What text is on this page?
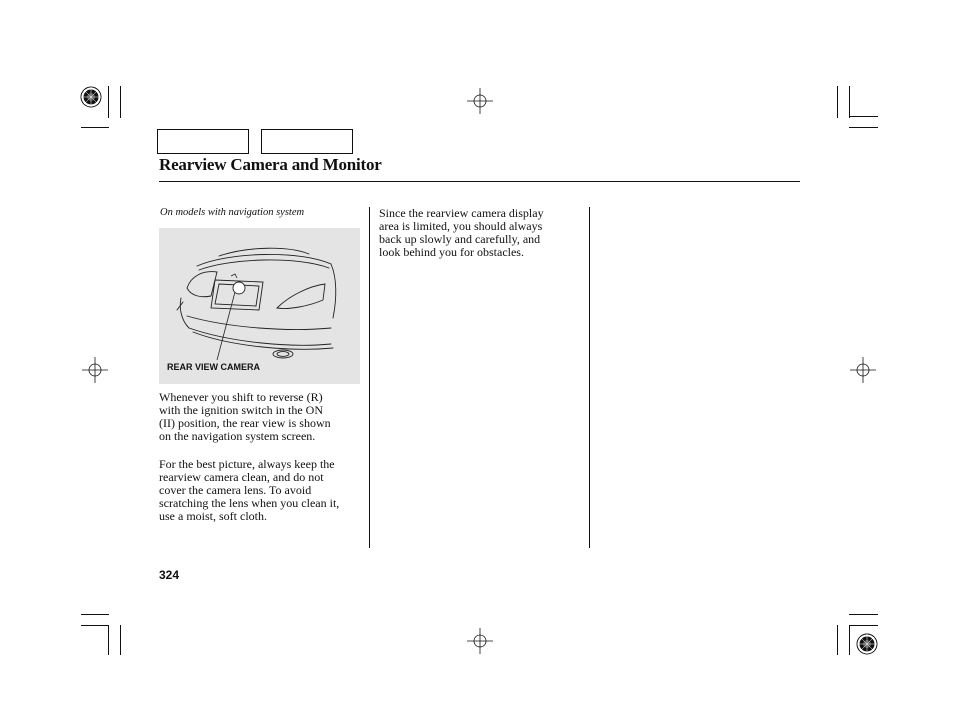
Rearview Camera and Monitor
On models with navigation system
REAR VIEW CAMERA
Whenever you shift to reverse (R)
with the ignition switch in the ON
(II) position, the rear view is shown
on the navigation system screen.
For the best picture, always keep the
rearview camera clean, and do not
cover the camera lens. To avoid
scratching the lens when you clean it,
use a moist, soft cloth.
Since the rearview camera display
area is limited, you should always
back up slowly and carefully, and
look behind you for obstacles.
324
